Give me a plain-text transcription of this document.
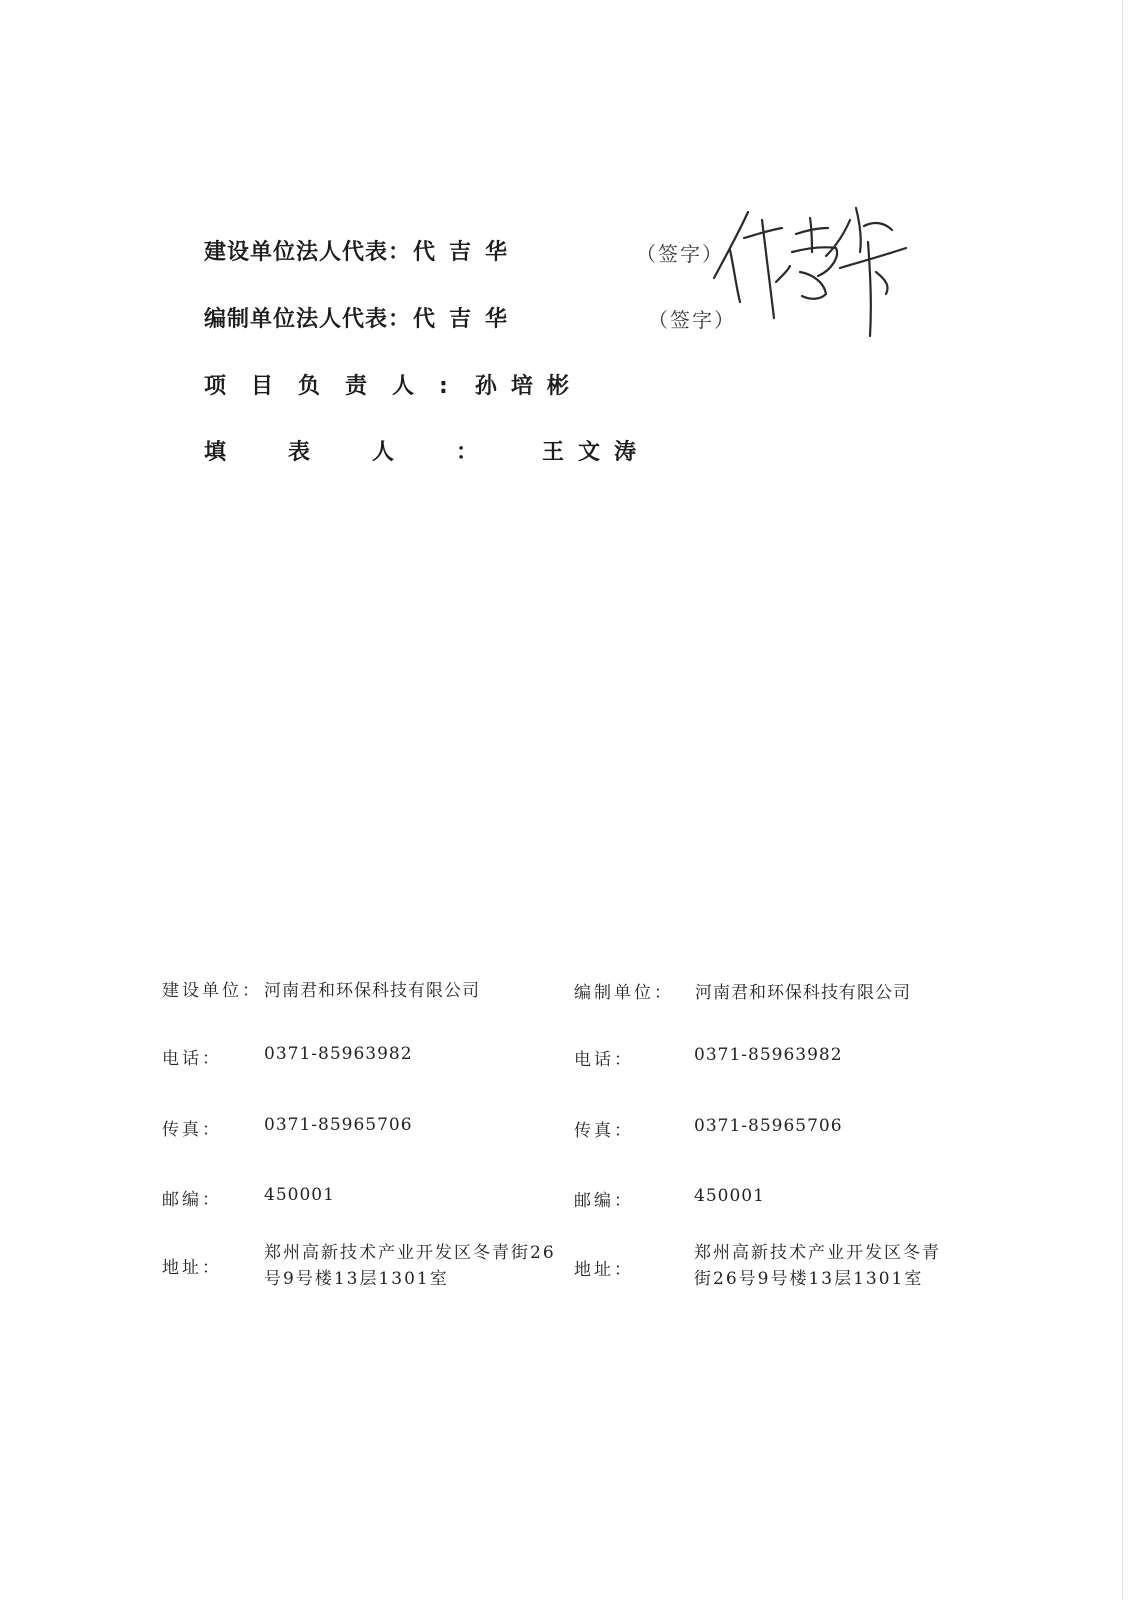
建设单位法人代表：代吉华	（签字）
编制单位法人代表：代吉华	（签字）
项目负责人:孙培彬
填表人：王文涛
建设单位： 河南君和环保科技有限公司
电话： 0371-85963982
传真： 0371-85965706
邮编： 450001
地址：
郑州高新技术产业开发区冬青街26号9号楼13层1301室
编制单位： 河南君和环保科技有限公司
电话：	0371-85963982
传真：	0371-85965706
邮编：	450001
地址：
郑州高新技术产业开发区冬青街26号9号楼13层1301室
